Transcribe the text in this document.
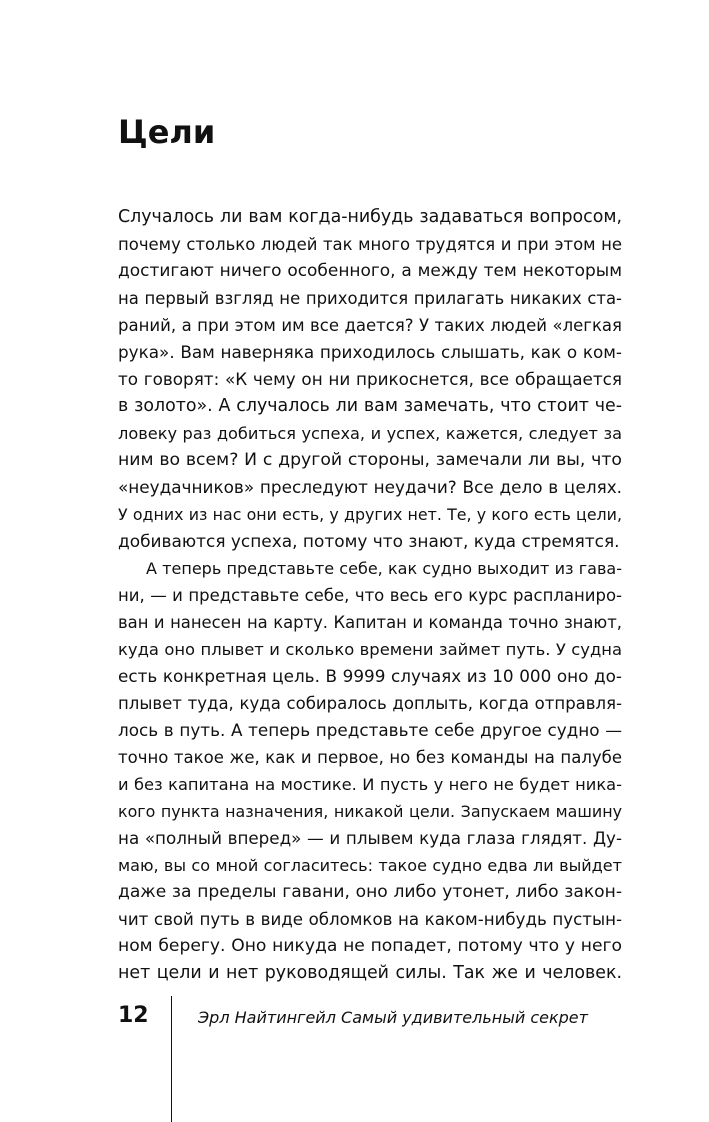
Цели

Случалось ли вам когда-нибудь задаваться вопросом,
почему столько людей так много трудятся и при этом не
достигают ничего особенного, а между тем некоторым
на первый взгляд не приходится прилагать никаких ста-
раний, а при этом им все дается? У таких людей «легкая
рука». Вам наверняка приходилось слышать, как о ком-
то говорят: «К чему он ни прикоснется, все обращается
в золото». А случалось ли вам замечать, что стоит че-
ловеку раз добиться успеха, и успех, кажется, следует за
ним во всем? И с другой стороны, замечали ли вы, что
«неудачников» преследуют неудачи? Все дело в целях.
У одних из нас они есть, у других нет. Те, у кого есть цели,
добиваются успеха, потому что знают, куда стремятся.

А теперь представьте себе, как судно выходит из гава-
ни, — и представьте себе, что весь его курс распланиро-
ван и нанесен на карту. Капитан и команда точно знают,
куда оно плывет и сколько времени займет путь. У судна
есть конкретная цель. В 9999 случаях из 10 000 оно до-
плывет туда, куда собиралось доплыть, когда отправля-
лось в путь. А теперь представьте себе другое судно —
точно такое же, как и первое, но без команды на палубе
и без капитана на мостике. И пусть у него не будет ника-
кого пункта назначения, никакой цели. Запускаем машину
на «полный вперед» — и плывем куда глаза глядят. Ду-
маю, вы со мной согласитесь: такое судно едва ли выйдет
даже за пределы гавани, оно либо утонет, либо закон-
чит свой путь в виде обломков на каком-нибудь пустын-
ном берегу. Оно никуда не попадет, потому что у него
нет цели и нет руководящей силы. Так же и человек.

12	Эрл Найтингейл Самый удивительный секрет
